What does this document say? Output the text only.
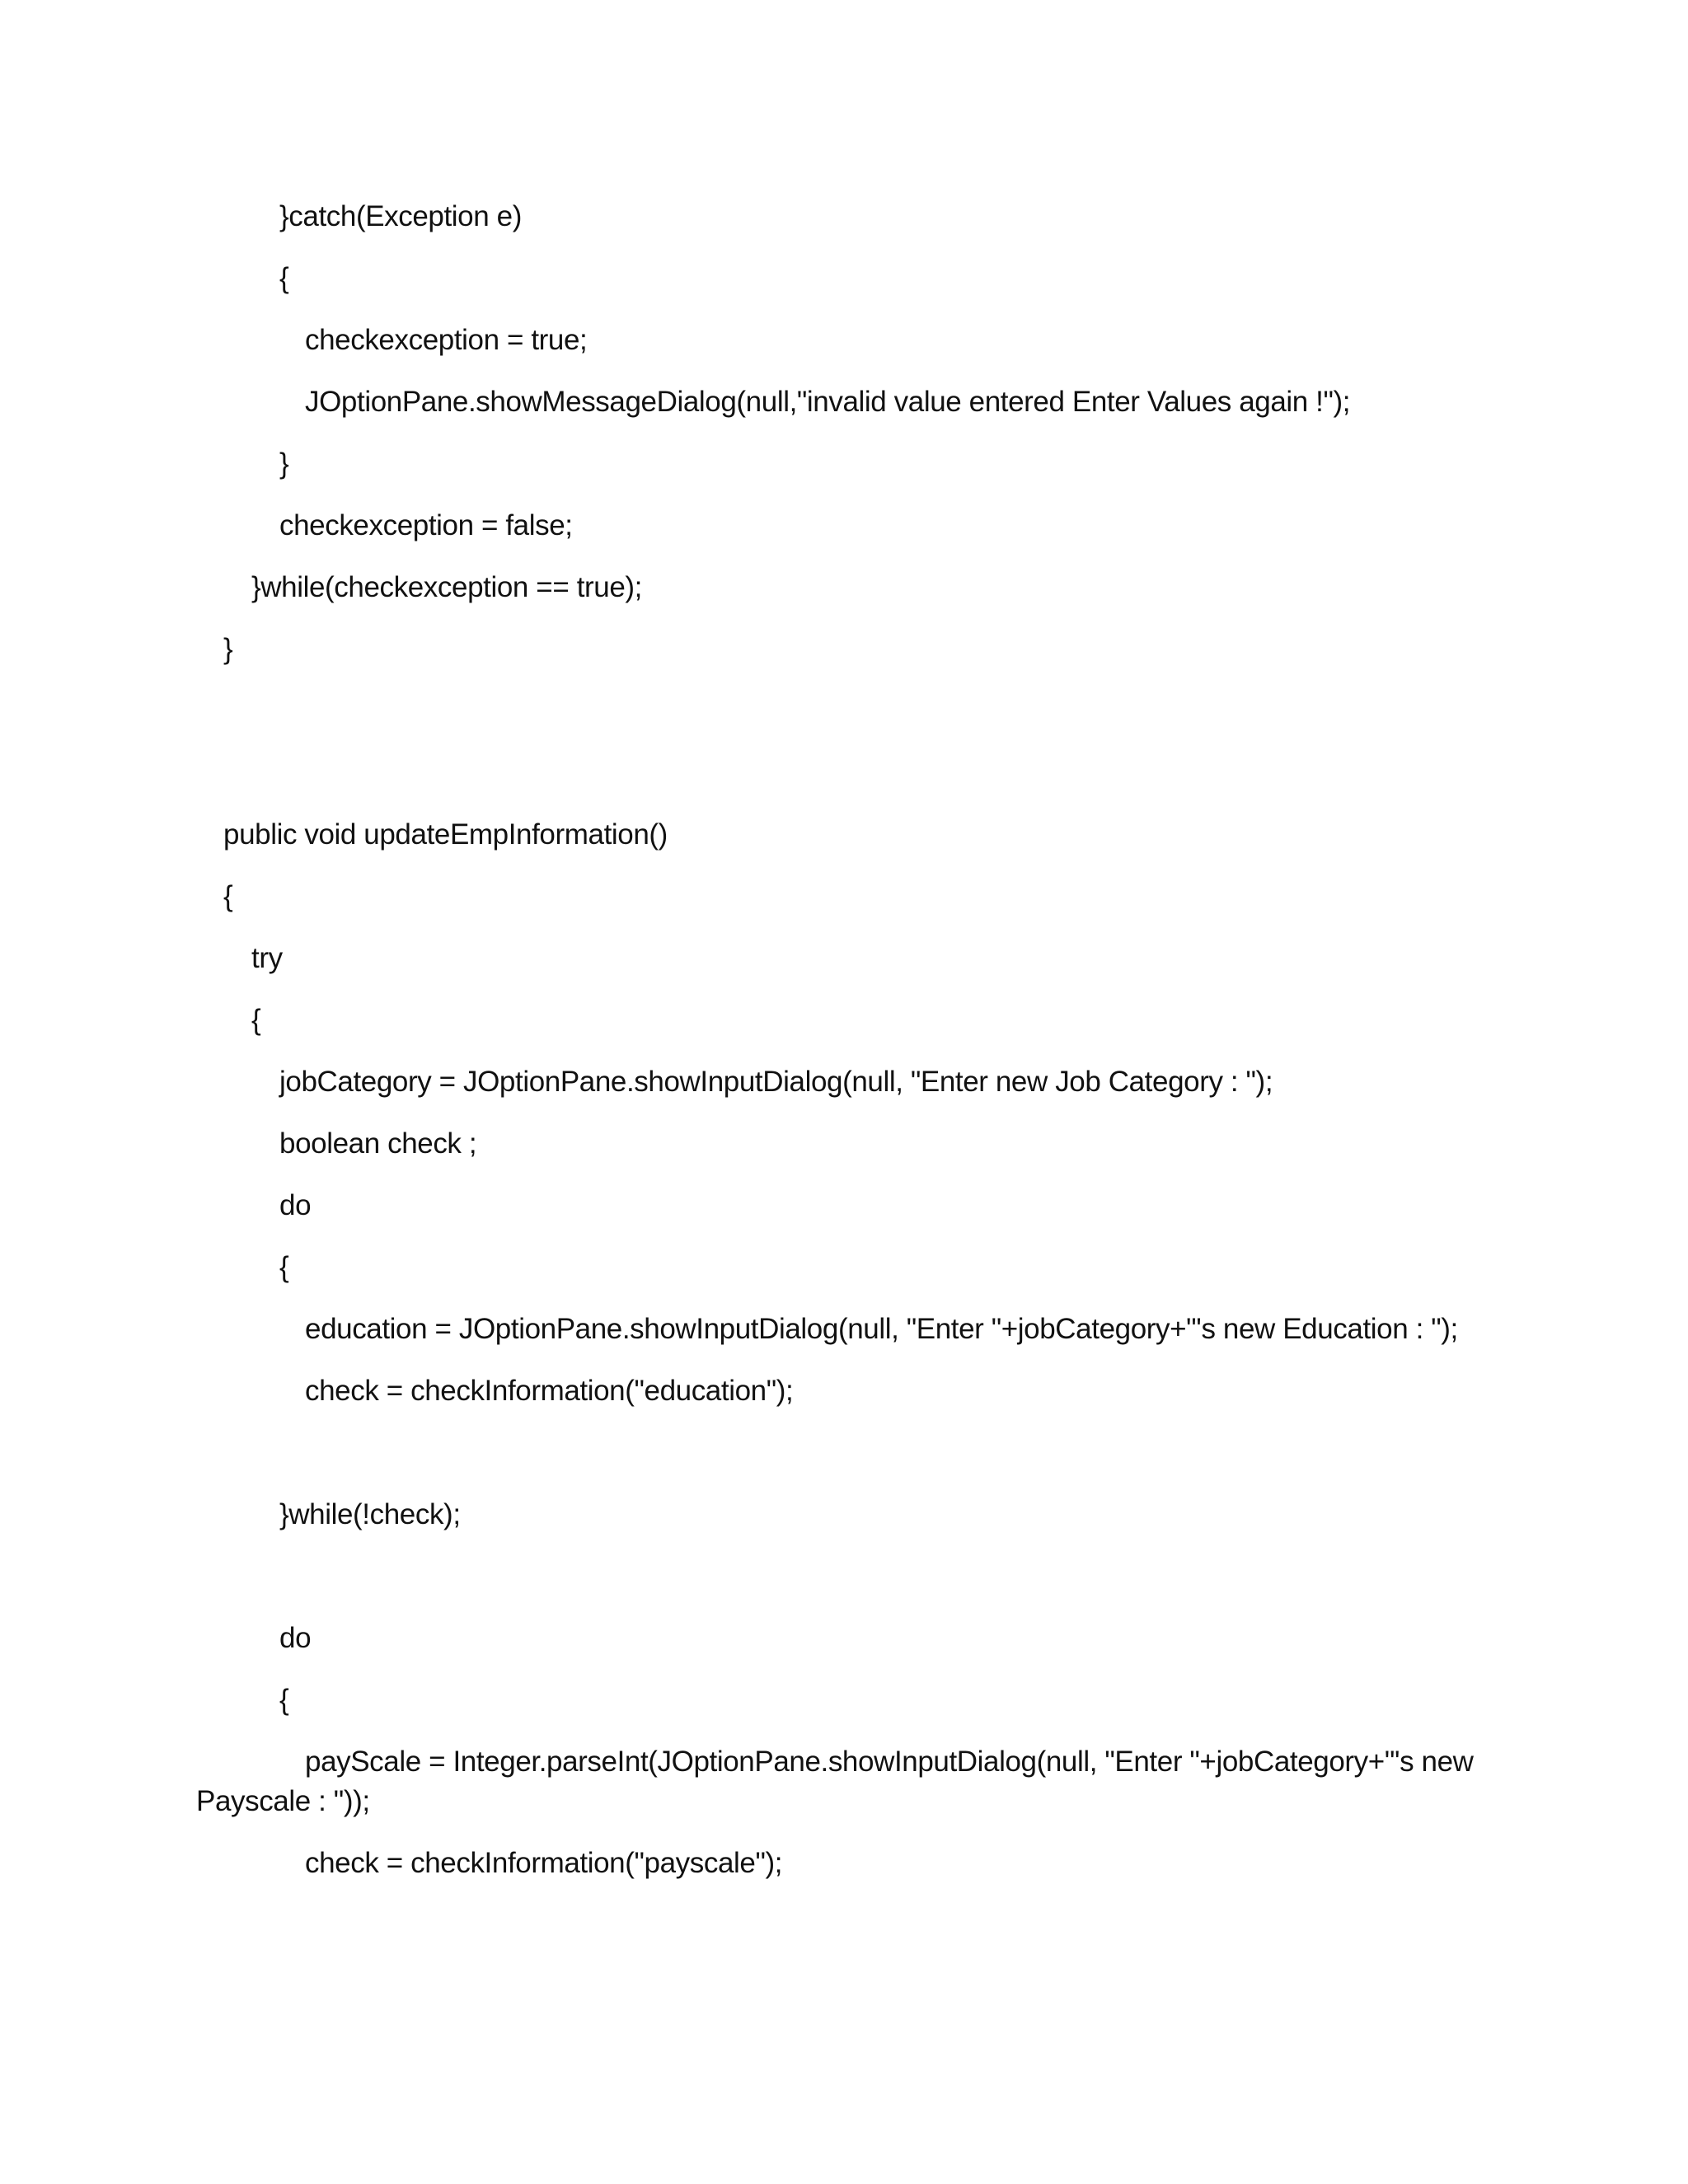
}catch(Exception e)
{
checkexception = true;
JOptionPane.showMessageDialog(null,"invalid value entered Enter Values again !");
}
checkexception = false;
}while(checkexception == true);
}
public void updateEmpInformation()
{
try
{
jobCategory = JOptionPane.showInputDialog(null, "Enter new Job Category : ");
boolean check ;
do
{
education = JOptionPane.showInputDialog(null, "Enter "+jobCategory+"'s new Education : ");
check = checkInformation("education");
}while(!check);
do
{
payScale = Integer.parseInt(JOptionPane.showInputDialog(null, "Enter "+jobCategory+"'s new
Payscale : "));
check = checkInformation("payscale");
